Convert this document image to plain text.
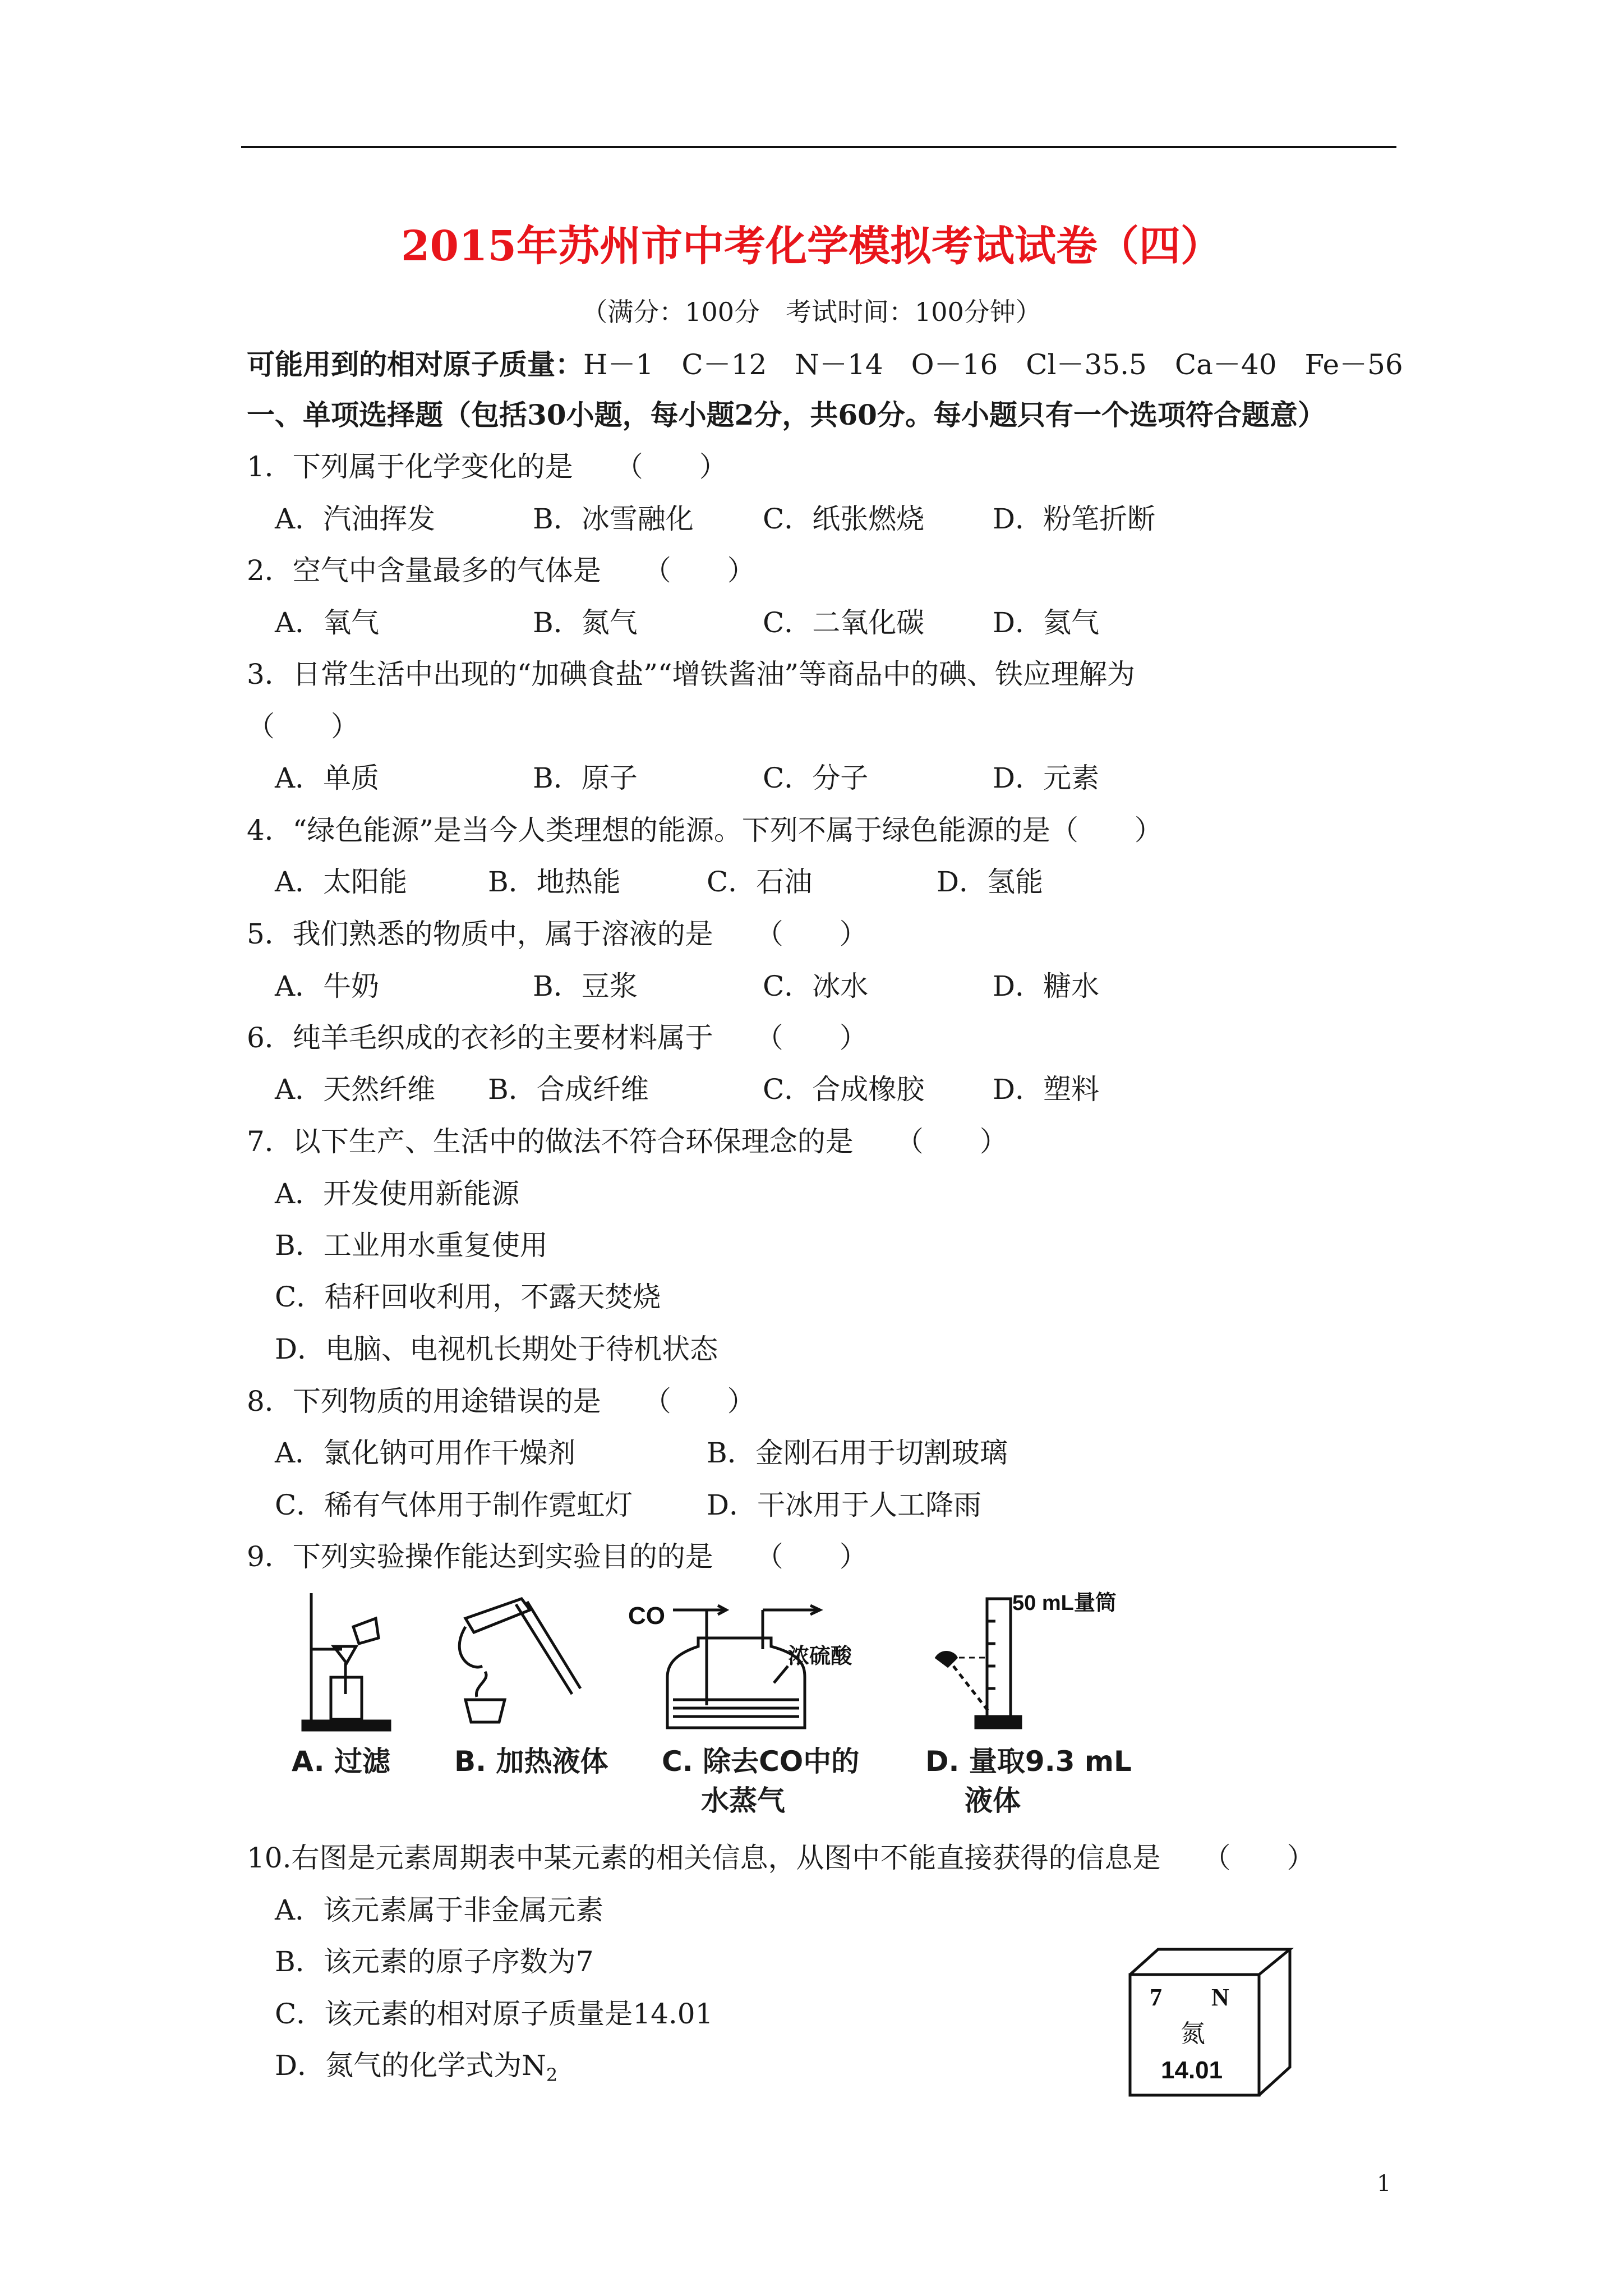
2015年苏州市中考化学模拟考试试卷（四）
（满分：100分　考试时间：100分钟）
可能用到的相对原子质量：H－1　C－12　N－14　O－16　Cl－35.5　Ca－40　Fe－56
一、单项选择题（包括30小题，每小题2分，共60分。每小题只有一个选项符合题意）
1．下列属于化学变化的是　　（　　）
A．汽油挥发	B．冰雪融化 C．纸张燃烧 D．粉笔折断
2．空气中含量最多的气体是　　（　　）
A．氧气	B．氮气	C．二氧化碳 D．氦气
3．日常生活中出现的“加碘食盐”“增铁酱油”等商品中的碘、铁应理解为
（　　）
A．单质	B．原子	C．分子	D．元素
4．“绿色能源”是当今人类理想的能源。下列不属于绿色能源的是（　　）
A．太阳能	B．地热能	C．石油	D．氢能
5．我们熟悉的物质中，属于溶液的是　　（　　）
A．牛奶	B．豆浆	C．冰水	D．糖水
6．纯羊毛织成的衣衫的主要材料属于　　（　　）
A．天然纤维 B．合成纤维	C．合成橡胶 D．塑料
7．以下生产、生活中的做法不符合环保理念的是　　（　　）
A．开发使用新能源
B．工业用水重复使用
C．秸秆回收利用，不露天焚烧
D．电脑、电视机长期处于待机状态
8．下列物质的用途错误的是　　（　　）
A．氯化钠可用作干燥剂	B．金刚石用于切割玻璃
C．稀有气体用于制作霓虹灯	D．干冰用于人工降雨
9．下列实验操作能达到实验目的的是　　（　　）
CO
浓硫酸
50 mL量筒
A. 过滤 B. 加热液体 C. 除去CO中的
水蒸气
D. 量取9.3 mL
液体
10.右图是元素周期表中某元素的相关信息，从图中不能直接获得的信息是　　（　　）
A．该元素属于非金属元素
B．该元素的原子序数为7
C．该元素的相对原子质量是14.01
D．氮气的化学式为$N_2$
7 N
氮
14.01
1
